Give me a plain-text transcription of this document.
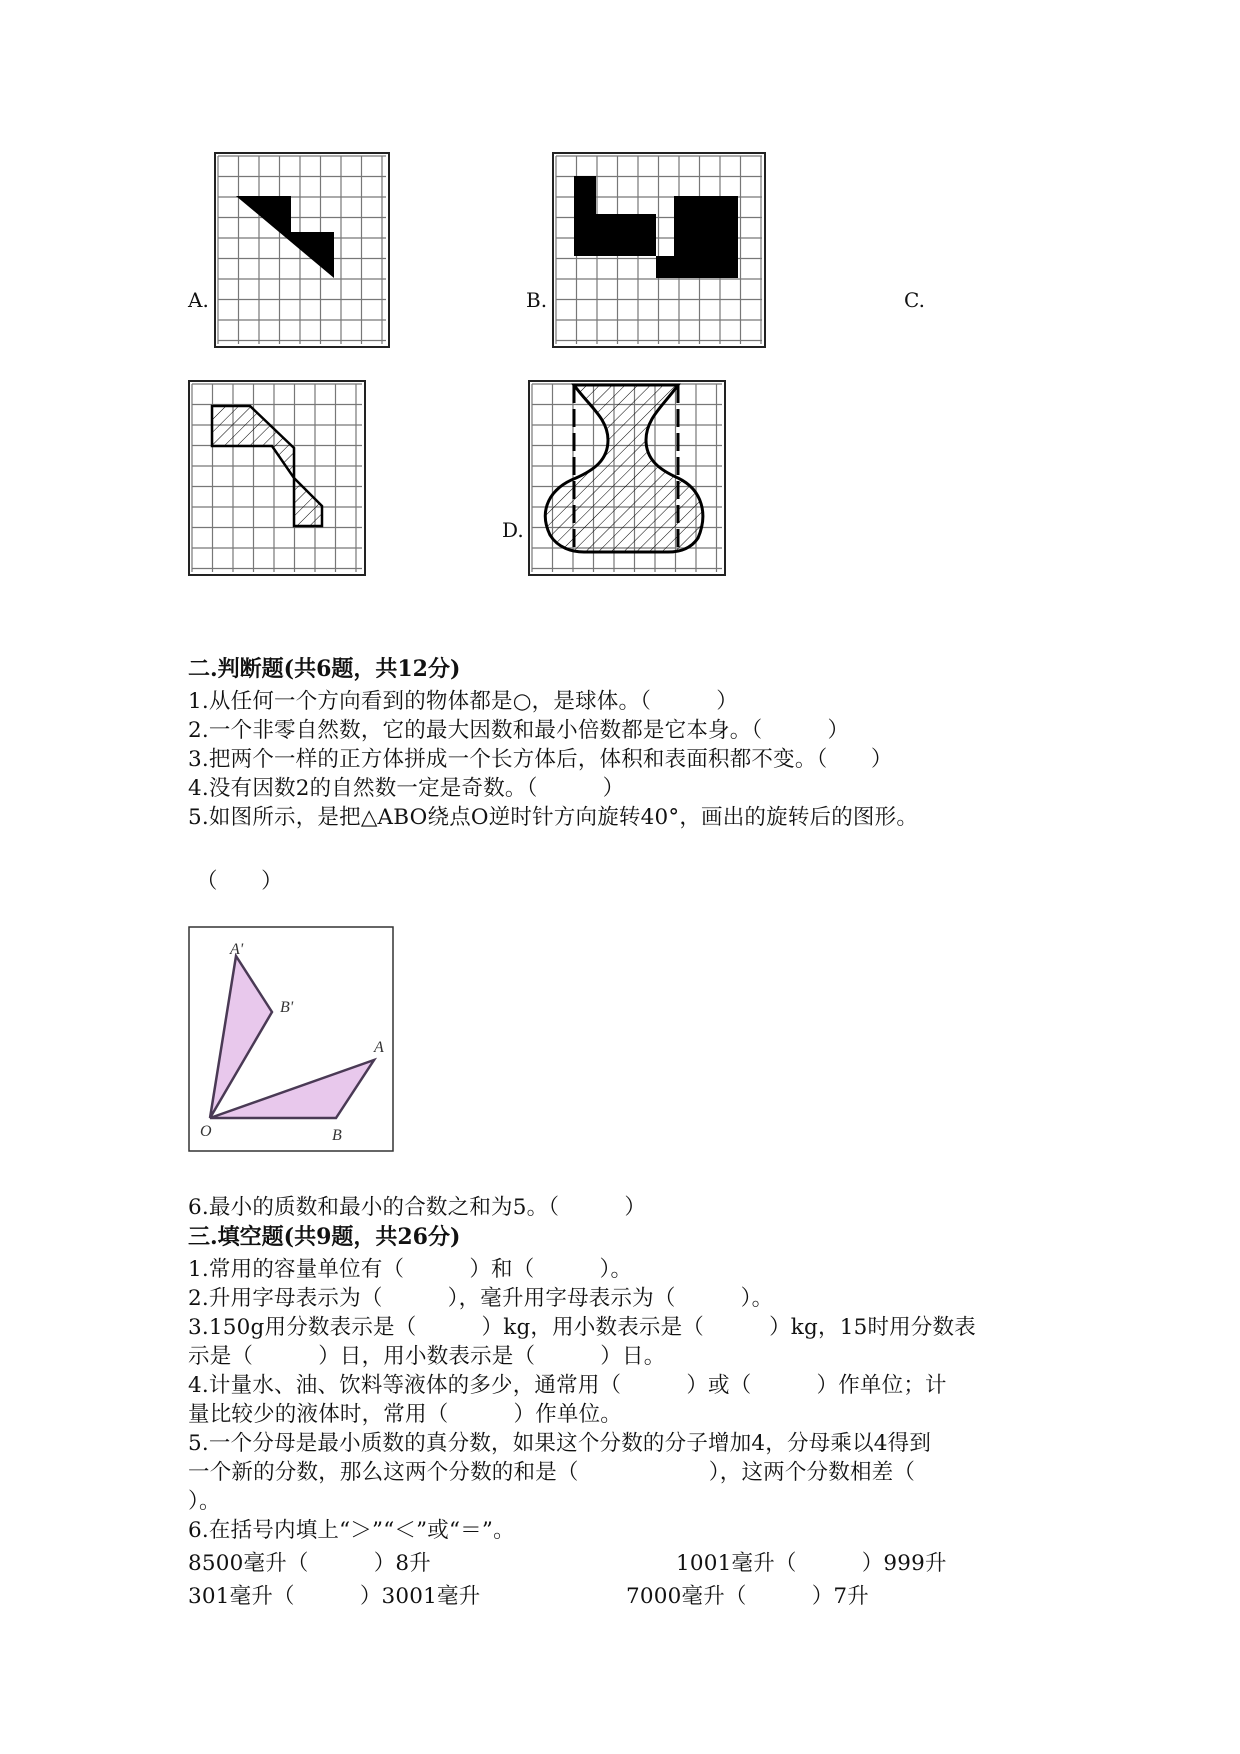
A.	B.	C.
D.
二.判断题(共6题，共12分)
1.从任何一个方向看到的物体都是○，是球体。（　　　）
2.一个非零自然数，它的最大因数和最小倍数都是它本身。（　　　）
3.把两个一样的正方体拼成一个长方体后，体积和表面积都不变。（　　）
4.没有因数2的自然数一定是奇数。（　　　）
5.如图所示，是把△ABO绕点O逆时针方向旋转40°，画出的旋转后的图形。
（　　）
A'
B'
A
O	B
6.最小的质数和最小的合数之和为5。（　　　）
三.填空题(共9题，共26分)
1.常用的容量单位有（　　　）和（　　　）。
2.升用字母表示为（　　　），毫升用字母表示为（　　　）。
3.150g用分数表示是（　　　）kg，用小数表示是（　　　）kg，15时用分数表
示是（　　　）日，用小数表示是（　　　）日。
4.计量水、油、饮料等液体的多少，通常用（　　　）或（　　　）作单位；计
量比较少的液体时，常用（　　　）作单位。
5.一个分母是最小质数的真分数，如果这个分数的分子增加4，分母乘以4得到
一个新的分数，那么这两个分数的和是（　　　　　　），这两个分数相差（
）。
6.在括号内填上“＞”“＜”或“＝”。
8500毫升（　　　）8升	1001毫升（　　　）999升
301毫升（　　　）3001毫升	7000毫升（　　　）7升
